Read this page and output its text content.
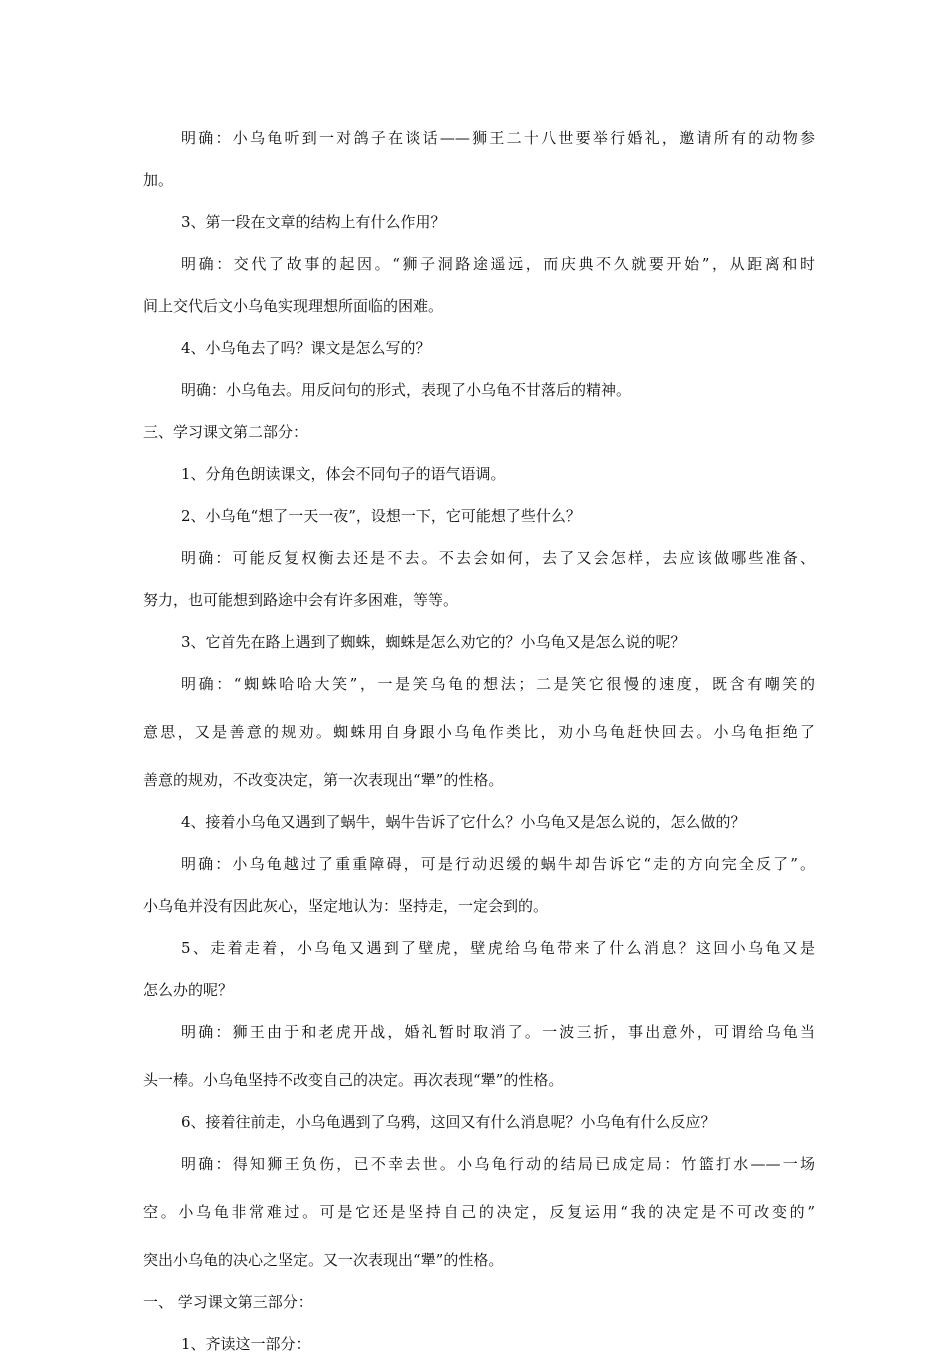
明确：小乌龟听到一对鸽子在谈话——狮王二十八世要举行婚礼，邀请所有的动物参
加。
3、第一段在文章的结构上有什么作用？
明确：交代了故事的起因。“狮子洞路途遥远，而庆典不久就要开始”，从距离和时
间上交代后文小乌龟实现理想所面临的困难。
4、小乌龟去了吗？课文是怎么写的？
明确：小乌龟去。用反问句的形式，表现了小乌龟不甘落后的精神。
三、学习课文第二部分：
1、分角色朗读课文，体会不同句子的语气语调。
2、小乌龟“想了一天一夜”，设想一下，它可能想了些什么？
明确：可能反复权衡去还是不去。不去会如何，去了又会怎样，去应该做哪些准备、
努力，也可能想到路途中会有许多困难，等等。
3、它首先在路上遇到了蜘蛛，蜘蛛是怎么劝它的？小乌龟又是怎么说的呢？
明确：“蜘蛛哈哈大笑”，一是笑乌龟的想法；二是笑它很慢的速度，既含有嘲笑的
意思，又是善意的规劝。蜘蛛用自身跟小乌龟作类比，劝小乌龟赶快回去。小乌龟拒绝了
善意的规劝，不改变决定，第一次表现出“犟”的性格。
4、接着小乌龟又遇到了蜗牛，蜗牛告诉了它什么？小乌龟又是怎么说的，怎么做的？
明确：小乌龟越过了重重障碍，可是行动迟缓的蜗牛却告诉它“走的方向完全反了”。
小乌龟并没有因此灰心，坚定地认为：坚持走，一定会到的。
5、走着走着，小乌龟又遇到了壁虎，壁虎给乌龟带来了什么消息？这回小乌龟又是
怎么办的呢？
明确：狮王由于和老虎开战，婚礼暂时取消了。一波三折，事出意外，可谓给乌龟当
头一棒。小乌龟坚持不改变自己的决定。再次表现“犟”的性格。
6、接着往前走，小乌龟遇到了乌鸦，这回又有什么消息呢？小乌龟有什么反应？
明确：得知狮王负伤，已不幸去世。小乌龟行动的结局已成定局：竹篮打水——一场
空。小乌龟非常难过。可是它还是坚持自己的决定，反复运用“我的决定是不可改变的”
突出小乌龟的决心之坚定。又一次表现出“犟”的性格。
一、 学习课文第三部分：
1、齐读这一部分：
